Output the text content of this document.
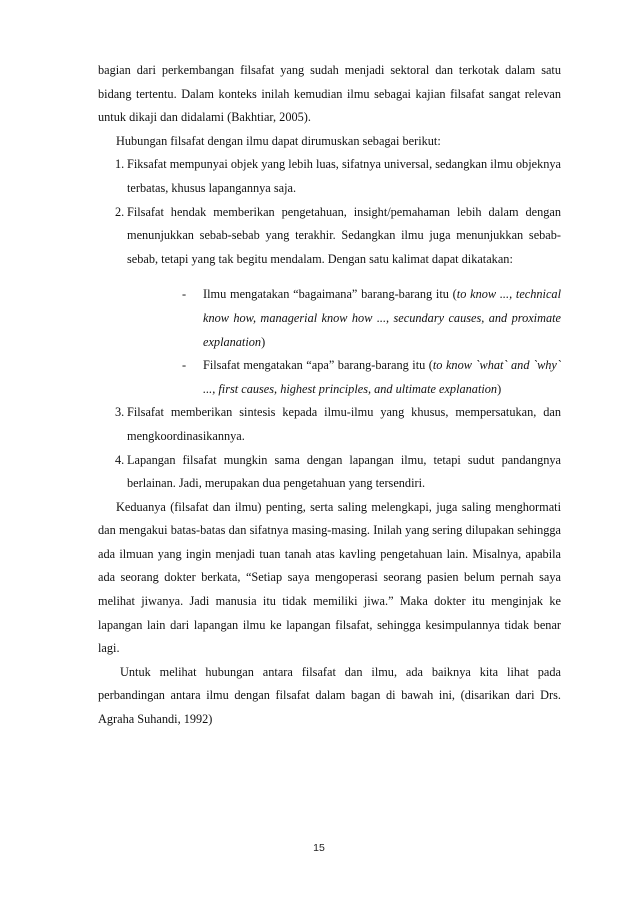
bagian dari perkembangan filsafat yang sudah menjadi sektoral dan terkotak dalam satu bidang tertentu. Dalam konteks inilah kemudian ilmu sebagai kajian filsafat sangat relevan untuk dikaji dan didalami (Bakhtiar, 2005).

Hubungan filsafat dengan ilmu dapat dirumuskan sebagai berikut:

1. Fiksafat mempunyai objek yang lebih luas, sifatnya universal, sedangkan ilmu objeknya terbatas, khusus lapangannya saja.
2. Filsafat hendak memberikan pengetahuan, insight/pemahaman lebih dalam dengan menunjukkan sebab-sebab yang terakhir. Sedangkan ilmu juga menunjukkan sebab-sebab, tetapi yang tak begitu mendalam. Dengan satu kalimat dapat dikatakan:
- Ilmu mengatakan “bagaimana” barang-barang itu (to know ..., technical know how, managerial know how ..., secundary causes, and proximate explanation)
- Filsafat mengatakan “apa” barang-barang itu (to know `what` and `why` ..., first causes, highest principles, and ultimate explanation)
3. Filsafat memberikan sintesis kepada ilmu-ilmu yang khusus, mempersatukan, dan mengkoordinasikannya.
4. Lapangan filsafat mungkin sama dengan lapangan ilmu, tetapi sudut pandangnya berlainan. Jadi, merupakan dua pengetahuan yang tersendiri.

Keduanya (filsafat dan ilmu) penting, serta saling melengkapi, juga saling menghormati dan mengakui batas-batas dan sifatnya masing-masing. Inilah yang sering dilupakan sehingga ada ilmuan yang ingin menjadi tuan tanah atas kavling pengetahuan lain. Misalnya, apabila ada seorang dokter berkata, “Setiap saya mengoperasi seorang pasien belum pernah saya melihat jiwanya. Jadi manusia itu tidak memiliki jiwa.” Maka dokter itu menginjak ke lapangan lain dari lapangan ilmu ke lapangan filsafat, sehingga kesimpulannya tidak benar lagi.

Untuk melihat hubungan antara filsafat dan ilmu, ada baiknya kita lihat pada perbandingan antara ilmu dengan filsafat dalam bagan di bawah ini, (disarikan dari Drs. Agraha Suhandi, 1992)

15
